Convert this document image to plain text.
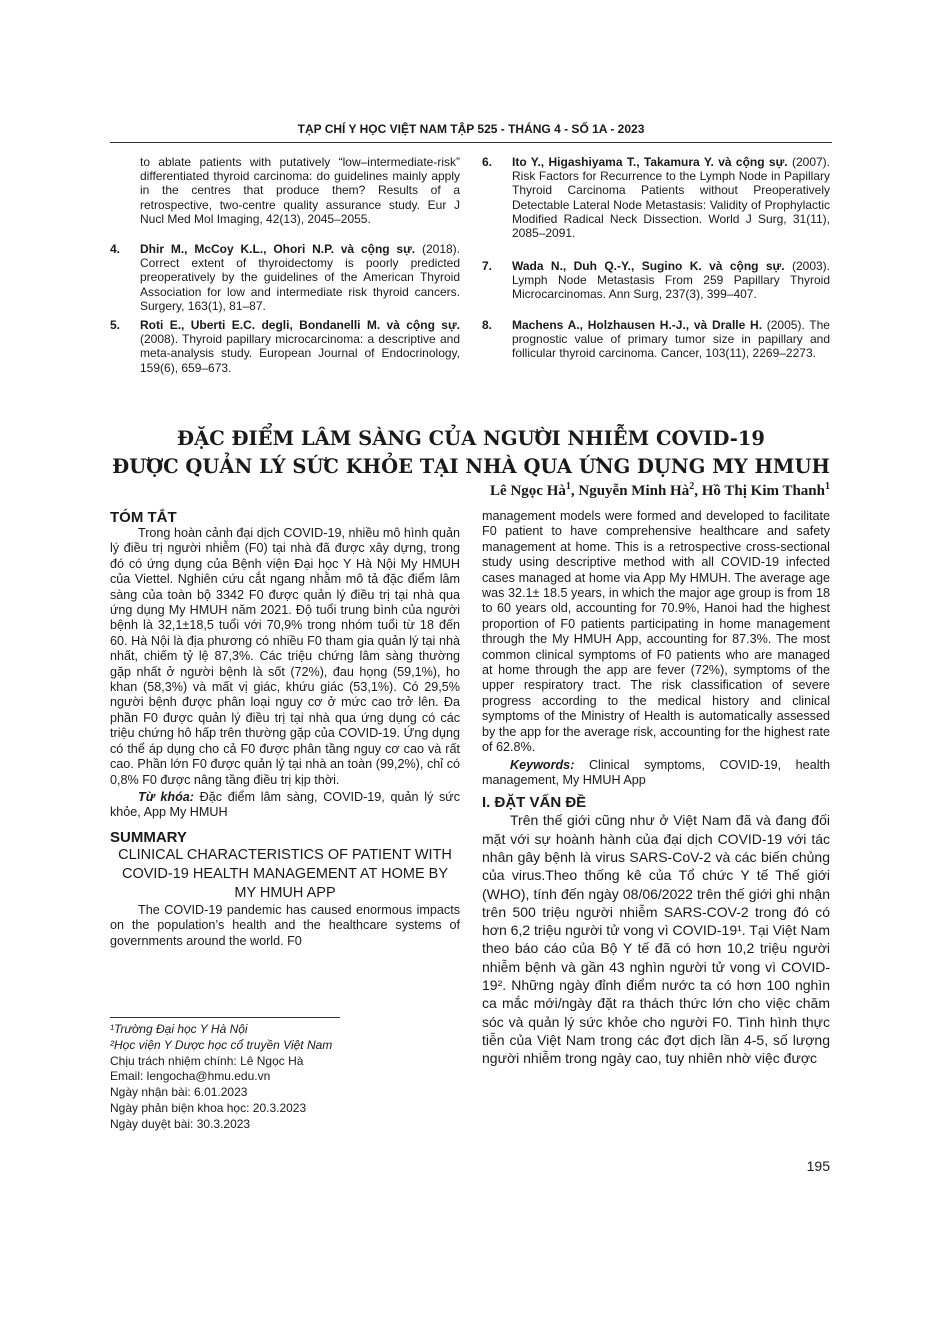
TẠP CHÍ Y HỌC VIỆT NAM TẬP 525 - THÁNG 4 - SỐ 1A - 2023
to ablate patients with putatively “low–intermediate-risk” differentiated thyroid carcinoma: do guidelines mainly apply in the centres that produce them? Results of a retrospective, two-centre quality assurance study. Eur J Nucl Med Mol Imaging, 42(13), 2045–2055.
4. Dhir M., McCoy K.L., Ohori N.P. và cộng sự. (2018). Correct extent of thyroidectomy is poorly predicted preoperatively by the guidelines of the American Thyroid Association for low and intermediate risk thyroid cancers. Surgery, 163(1), 81–87.
5. Roti E., Uberti E.C. degli, Bondanelli M. và cộng sự. (2008). Thyroid papillary microcarcinoma: a descriptive and meta-analysis study. European Journal of Endocrinology, 159(6), 659–673.
6. Ito Y., Higashiyama T., Takamura Y. và cộng sự. (2007). Risk Factors for Recurrence to the Lymph Node in Papillary Thyroid Carcinoma Patients without Preoperatively Detectable Lateral Node Metastasis: Validity of Prophylactic Modified Radical Neck Dissection. World J Surg, 31(11), 2085–2091.
7. Wada N., Duh Q.-Y., Sugino K. và cộng sự. (2003). Lymph Node Metastasis From 259 Papillary Thyroid Microcarcinomas. Ann Surg, 237(3), 399–407.
8. Machens A., Holzhausen H.-J., và Dralle H. (2005). The prognostic value of primary tumor size in papillary and follicular thyroid carcinoma. Cancer, 103(11), 2269–2273.
ĐẶC ĐIỂM LÂM SÀNG CỦA NGƯỜI NHIỄM COVID-19
ĐƯỢC QUẢN LÝ SỨC KHỎE TẠI NHÀ QUA ỨNG DỤNG MY HMUH
Lê Ngọc $Hà^1$, Nguyễn Minh $Hà^2$, Hồ Thị Kim Thanh$^1$
TÓM TẮT

Trong hoàn cảnh đại dịch COVID-19, nhiều mô hình quản lý điều trị người nhiễm (F0) tại nhà đã được xây dựng, trong đó có ứng dụng của Bệnh viện Đại học Y Hà Nội My HMUH của Viettel. Nghiên cứu cắt ngang nhằm mô tả đặc điểm lâm sàng của toàn bộ 3342 F0 được quản lý điều trị tại nhà qua ứng dụng My HMUH năm 2021. Độ tuổi trung bình của người bệnh là 32,1±18,5 tuổi với 70,9% trong nhóm tuổi từ 18 đến 60. Hà Nội là địa phương có nhiều F0 tham gia quản lý tại nhà nhất, chiếm tỷ lệ 87,3%. Các triệu chứng lâm sàng thường gặp nhất ở người bệnh là sốt (72%), đau họng (59,1%), ho khan (58,3%) và mất vị giác, khứu giác (53,1%). Có 29,5% người bệnh được phân loại nguy cơ ở mức cao trở lên. Đa phần F0 được quản lý điều trị tại nhà qua ứng dụng có các triệu chứng hô hấp trên thường gặp của COVID-19. Ứng dụng có thể áp dụng cho cả F0 được phân tầng nguy cơ cao và rất cao. Phần lớn F0 được quản lý tại nhà an toàn (99,2%), chỉ có 0,8% F0 được nâng tầng điều trị kịp thời.

Từ khóa: Đặc điểm lâm sàng, COVID-19, quản lý sức khỏe, App My HMUH

SUMMARY
CLINICAL CHARACTERISTICS OF PATIENT WITH COVID-19 HEALTH MANAGEMENT AT HOME BY MY HMUH APP

The COVID-19 pandemic has caused enormous impacts on the population’s health and the healthcare systems of governments around the world. F0

¹Trường Đại học Y Hà Nội
²Học viện Y Dược học cổ truyền Việt Nam
Chịu trách nhiệm chính: Lê Ngọc Hà
Email: lengocha@hmu.edu.vn
Ngày nhận bài: 6.01.2023
Ngày phản biện khoa học: 20.3.2023
Ngày duyệt bài: 30.3.2023

management models were formed and developed to facilitate F0 patient to have comprehensive healthcare and safety management at home. This is a retrospective cross-sectional study using descriptive method with all COVID-19 infected cases managed at home via App My HMUH. The average age was 32.1± 18.5 years, in which the major age group is from 18 to 60 years old, accounting for 70.9%, Hanoi had the highest proportion of F0 patients participating in home management through the My HMUH App, accounting for 87.3%. The most common clinical symptoms of F0 patients who are managed at home through the app are fever (72%), symptoms of the upper respiratory tract. The risk classification of severe progress according to the medical history and clinical symptoms of the Ministry of Health is automatically assessed by the app for the average risk, accounting for the highest rate of 62.8%.

Keywords: Clinical symptoms, COVID-19, health management, My HMUH App

I. ĐẶT VẤN ĐỀ

Trên thế giới cũng như ở Việt Nam đã và đang đối mặt với sự hoành hành của đại dịch COVID-19 với tác nhân gây bệnh là virus SARS-CoV-2 và các biến chủng của virus.Theo thống kê của Tổ chức Y tế Thế giới (WHO), tính đến ngày 08/06/2022 trên thế giới ghi nhận trên 500 triệu người nhiễm SARS-COV-2 trong đó có hơn 6,2 triệu người tử vong vì COVID-19¹. Tại Việt Nam theo báo cáo của Bộ Y tế đã có hơn 10,2 triệu người nhiễm bệnh và gần 43 nghìn người tử vong vì COVID-19². Những ngày đỉnh điểm nước ta có hơn 100 nghìn ca mắc mới/ngày đặt ra thách thức lớn cho việc chăm sóc và quản lý sức khỏe cho người F0. Tình hình thực tiễn của Việt Nam trong các đợt dịch lần 4-5, số lượng người nhiễm trong ngày cao, tuy nhiên nhờ việc được

195
